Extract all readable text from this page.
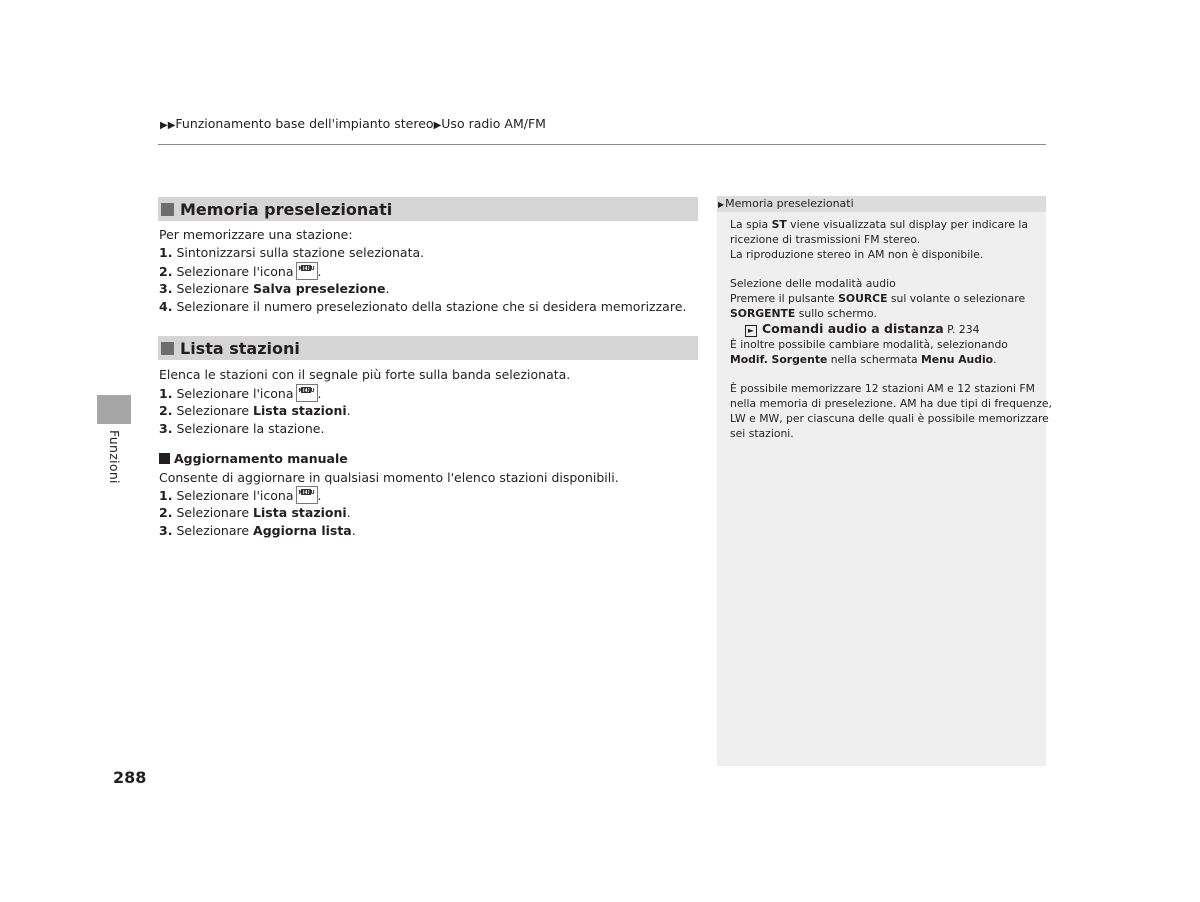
▶▶Funzionamento base dell'impianto stereo▶Uso radio AM/FM
Funzioni
Memoria preselezionati
Per memorizzare una stazione:
1. Sintonizzarsi sulla stazione selezionata.
2. Selezionare l'icona MENU .
3. Selezionare Salva preselezione.
4. Selezionare il numero preselezionato della stazione che si desidera memorizzare.
Lista stazioni
Elenca le stazioni con il segnale più forte sulla banda selezionata.
1. Selezionare l'icona MENU .
2. Selezionare Lista stazioni.
3. Selezionare la stazione.
Aggiornamento manuale
Consente di aggiornare in qualsiasi momento l'elenco stazioni disponibili.
1. Selezionare l'icona MENU .
2. Selezionare Lista stazioni.
3. Selezionare Aggiorna lista.
▶Memoria preselezionati
La spia ST viene visualizzata sul display per indicare la
ricezione di trasmissioni FM stereo.
La riproduzione stereo in AM non è disponibile.
Selezione delle modalità audio
Premere il pulsante SOURCE sul volante o selezionare
SORGENTE sullo schermo.
► Comandi audio a distanza P. 234
È inoltre possibile cambiare modalità, selezionando
Modif. Sorgente nella schermata Menu Audio.
È possibile memorizzare 12 stazioni AM e 12 stazioni FM
nella memoria di preselezione. AM ha due tipi di frequenze,
LW e MW, per ciascuna delle quali è possibile memorizzare
sei stazioni.
288
